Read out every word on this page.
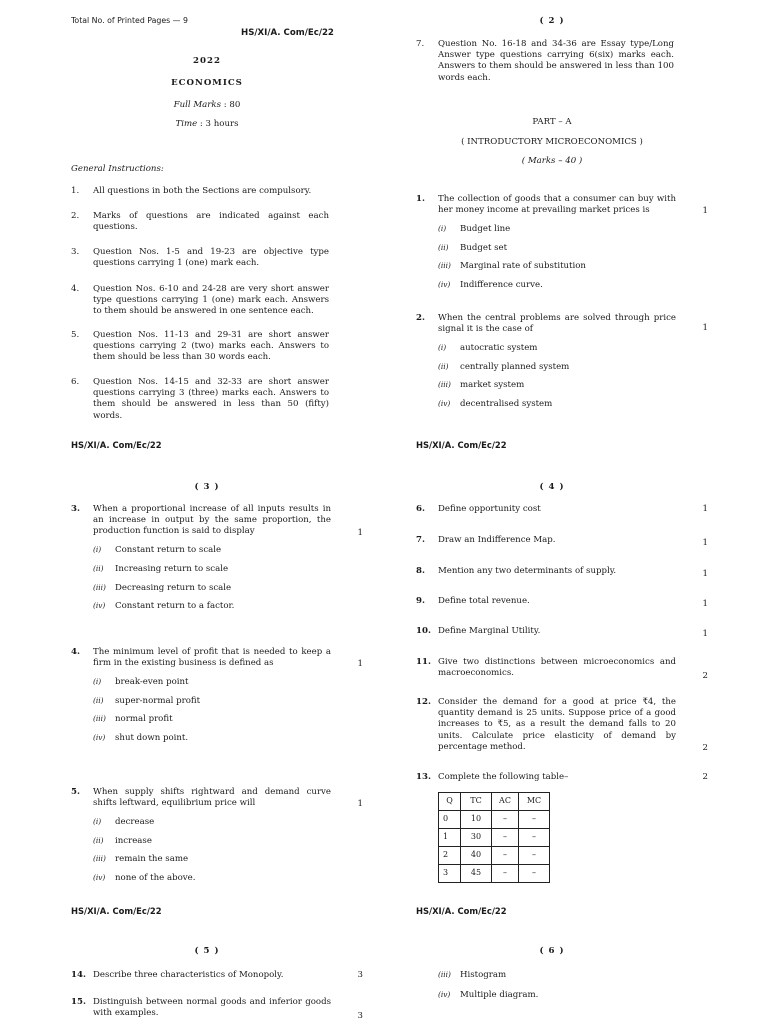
Total No. of Printed Pages — 9
HS/XI/A. Com/Ec/22
2022
ECONOMICS
Full Marks : 80
Time : 3 hours
General Instructions:
1. All questions in both the Sections are compulsory.
2. Marks of questions are indicated against each questions.
3. Question Nos. 1-5 and 19-23 are objective type questions carrying 1 (one) mark each.
4. Question Nos. 6-10 and 24-28 are very short answer type questions carrying 1 (one) mark each. Answers to them should be answered in one sentence each.
5. Question Nos. 11-13 and 29-31 are short answer questions carrying 2 (two) marks each. Answers to them should be less than 30 words each.
6. Question Nos. 14-15 and 32-33 are short answer questions carrying 3 (three) marks each. Answers to them should be answered in less than 50 (fifty) words.
HS/XI/A. Com/Ec/22
( 2 )
7. Question No. 16-18 and 34-36 are Essay type/Long Answer type questions carrying 6(six) marks each. Answers to them should be answered in less than 100 words each.
PART – A
( INTRODUCTORY MICROECONOMICS )
( Marks – 40 )
1. The collection of goods that a consumer can buy with her money income at prevailing market prices is	1
(i) Budget line
(ii) Budget set
(iii) Marginal rate of substitution
(iv) Indifference curve.
2. When the central problems are solved through price signal it is the case of	1
(i) autocratic system
(ii) centrally planned system
(iii) market system
(iv) decentralised system
HS/XI/A. Com/Ec/22
( 3 )
3. When a proportional increase of all inputs results in an increase in output by the same proportion, the production function is said to display	1
(i) Constant return to scale
(ii) Increasing return to scale
(iii) Decreasing return to scale
(iv) Constant return to a factor.
4. The minimum level of profit that is needed to keep a firm in the existing business is defined as	1
(i) break-even point
(ii) super-normal profit
(iii) normal profit
(iv) shut down point.
5. When supply shifts rightward and demand curve shifts leftward, equilibrium price will	1
(i) decrease
(ii) increase
(iii) remain the same
(iv) none of the above.
HS/XI/A. Com/Ec/22
( 4 )
6. Define opportunity cost	1
7. Draw an Indifference Map.	1
8. Mention any two determinants of supply.	1
9. Define total revenue.	1
10. Define Marginal Utility.	1
11. Give two distinctions between microeconomics and macroeconomics.	2
12. Consider the demand for a good at price ₹4, the quantity demand is 25 units. Suppose price of a good increases to ₹5, as a result the demand falls to 20 units. Calculate price elasticity of demand by percentage method.	2
13. Complete the following table–	2
Q	TC	AC	MC
0	10	–	–
1	30	–	–
2	40	–	–
3	45	–	–
HS/XI/A. Com/Ec/22
( 5 )
14. Describe three characteristics of Monopoly.	3
15. Distinguish between normal goods and inferior goods with examples.	3
( 6 )
(iii) Histogram
(iv) Multiple diagram.
